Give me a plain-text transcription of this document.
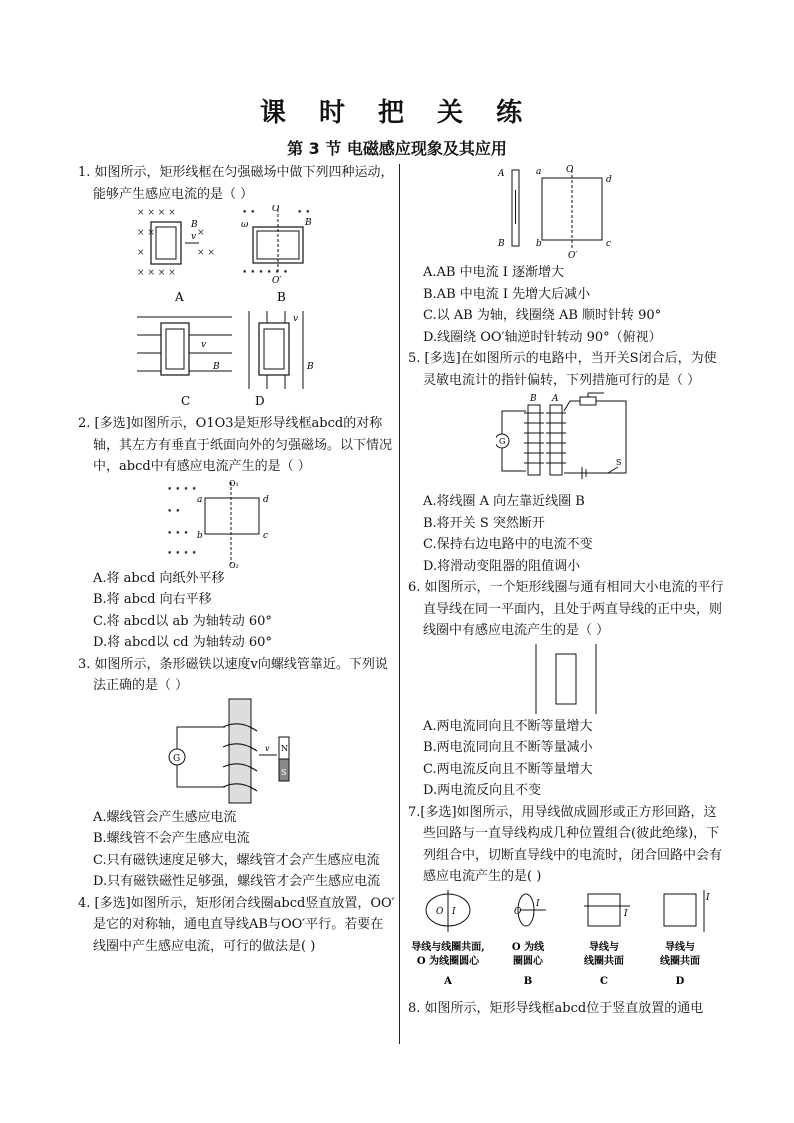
课 时 把 关 练
第 3 节 电磁感应现象及其应用

1. 如图所示，矩形线框在匀强磁场中做下列四种运动，能够产生感应电流的是（ ）

× × × ×
× ×	×
×	× ×
× × × ×
v
B
• •	• •
• • • • • •
O
O′
ω	B
A	B
v
B
v
B
C	D

2. [多选]如图所示，O1O3是矩形导线框abcd的对称轴，其左方有垂直于纸面向外的匀强磁场。以下情况中，abcd中有感应电流产生的是（ ）

• • • •
• •
• • •
• • • •
O₁
O₂
a
b
d
c

A.将 abcd 向纸外平移

B.将 abcd 向右平移

C.将 abcd以 ab 为轴转动 60°

D.将 abcd以 cd 为轴转动 60°

3. 如图所示，条形磁铁以速度v向螺线管靠近。下列说法正确的是（ ）

G
v N
S

A.螺线管会产生感应电流

B.螺线管不会产生感应电流

C.只有磁铁速度足够大，螺线管才会产生感应电流

D.只有磁铁磁性足够强，螺线管才会产生感应电流

4. [多选]如图所示，矩形闭合线圈abcd竖直放置，OO′ 是它的对称轴，通电直导线AB与OO′平行。若要在线圈中产生感应电流，可行的做法是( )

A
B
O
O′
a
b
d
c

A.AB 中电流 I 逐渐增大

B.AB 中电流 I 先增大后减小

C.以 AB 为轴，线圈绕 AB 顺时针转 90°

D.线圈绕 OO′轴逆时针转动 90°（俯视）

5. [多选]在如图所示的电路中，当开关S闭合后，为使灵敏电流计的指针偏转，下列措施可行的是（ ）

B A
G
S

A.将线圈 A 向左靠近线圈 B

B.将开关 S 突然断开

C.保持右边电路中的电流不变

D.将滑动变阻器的阻值调小

6. 如图所示，一个矩形线圈与通有相同大小电流的平行直导线在同一平面内，且处于两直导线的正中央，则线圈中有感应电流产生的是（ ）

A.两电流同向且不断等量增大

B.两电流同向且不断等量减小

C.两电流反向且不断等量增大

D.两电流反向且不变

7.[多选]如图所示，用导线做成圆形或正方形回路，这些回路与一直导线构成几种位置组合(彼此绝缘)，下列组合中，切断直导线中的电流时，闭合回路中会有感应电流产生的是( )

O I	O
I
I
I
导线与线圈共面,
O 为线圈圆心
A
O 为线
圈圆心
B
导线与
线圈共面
C
导线与
线圈共面
D

8. 如图所示，矩形导线框abcd位于竖直放置的通电
